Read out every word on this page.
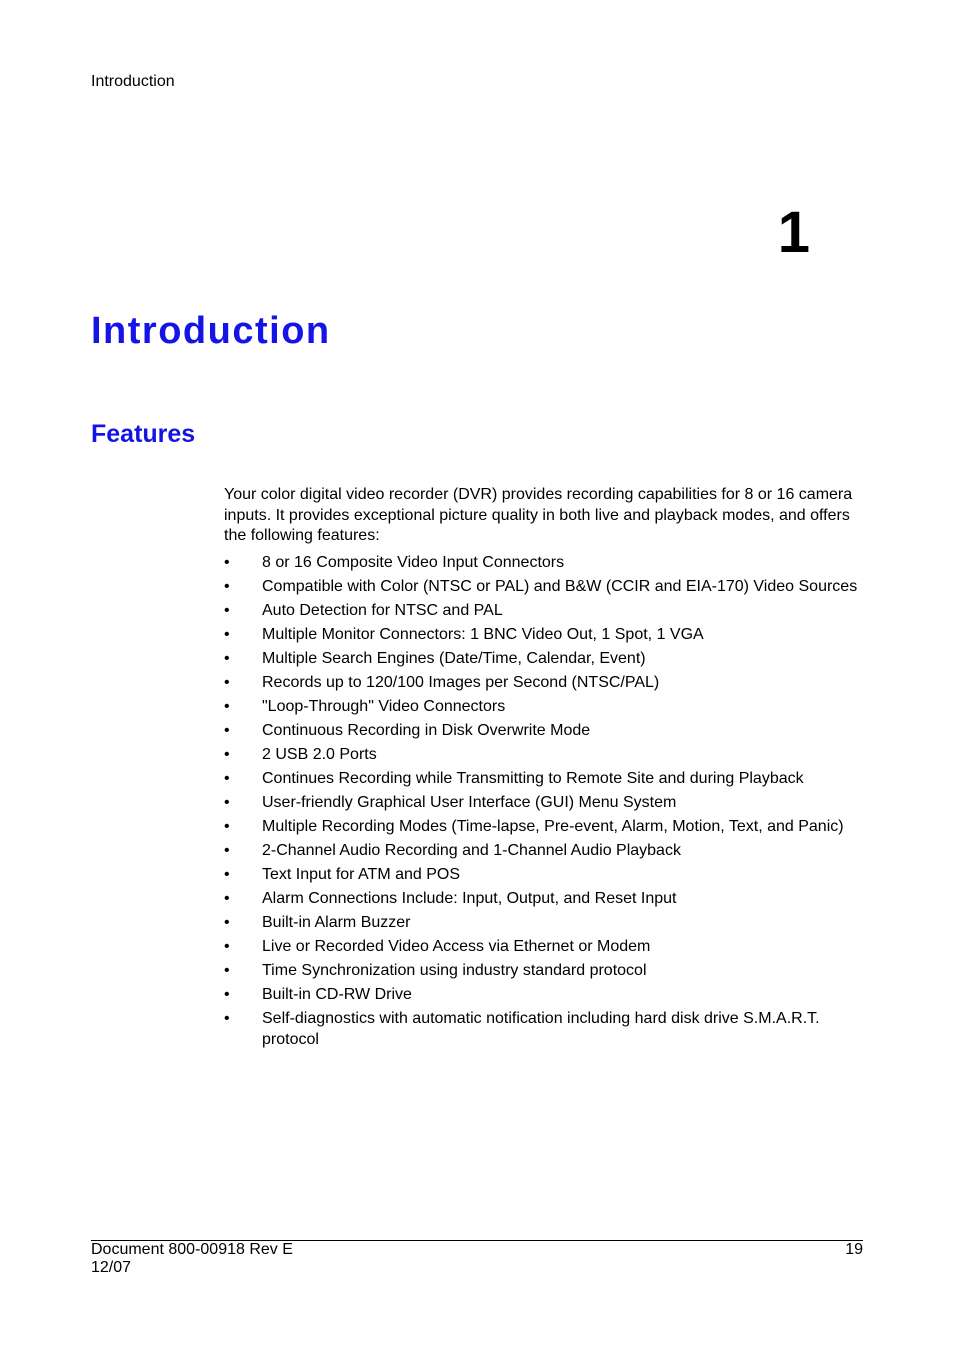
Introduction
1
Introduction
Features

Your color digital video recorder (DVR) provides recording capabilities for 8 or 16 camera inputs. It provides exceptional picture quality in both live and playback modes, and offers the following features:

• 8 or 16 Composite Video Input Connectors
• Compatible with Color (NTSC or PAL) and B&W (CCIR and EIA-170) Video Sources
• Auto Detection for NTSC and PAL
• Multiple Monitor Connectors: 1 BNC Video Out, 1 Spot, 1 VGA
• Multiple Search Engines (Date/Time, Calendar, Event)
• Records up to 120/100 Images per Second (NTSC/PAL)
• "Loop-Through" Video Connectors
• Continuous Recording in Disk Overwrite Mode
• 2 USB 2.0 Ports
• Continues Recording while Transmitting to Remote Site and during Playback
• User-friendly Graphical User Interface (GUI) Menu System
• Multiple Recording Modes (Time-lapse, Pre-event, Alarm, Motion, Text, and Panic)
• 2-Channel Audio Recording and 1-Channel Audio Playback
• Text Input for ATM and POS
• Alarm Connections Include: Input, Output, and Reset Input
• Built-in Alarm Buzzer
• Live or Recorded Video Access via Ethernet or Modem
• Time Synchronization using industry standard protocol
• Built-in CD-RW Drive
• Self-diagnostics with automatic notification including hard disk drive S.M.A.R.T. protocol
Document 800-00918 Rev E
12/07
19
